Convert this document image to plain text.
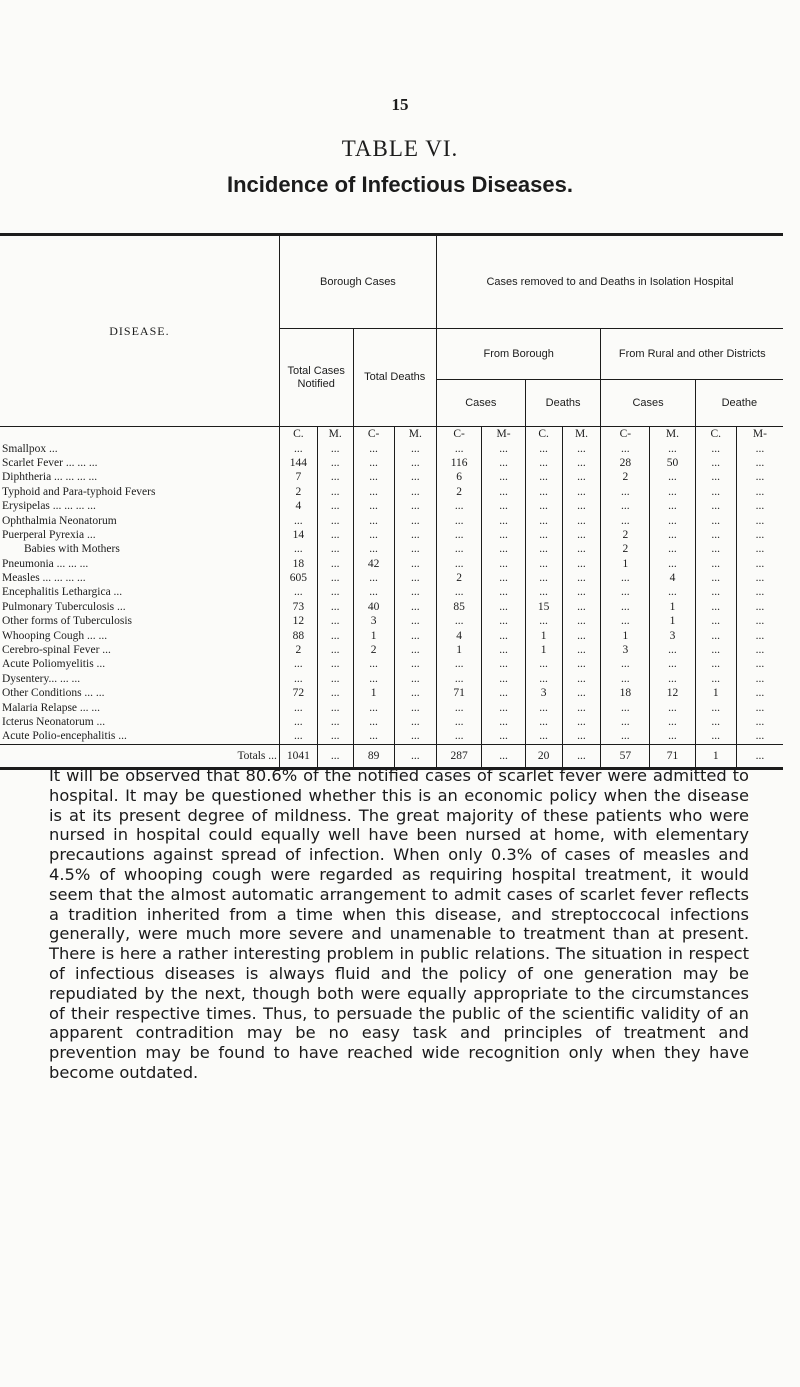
15
TABLE VI.
Incidence of Infectious Diseases.
DISEASE.	Borough Cases				Cases removed to and Deaths in Isolation Hospital							
	Total Cases Notified		Total Deaths		From Borough				From Rural and other Districts			
					Cases		Deaths		Cases		Deathe	
	C.	M.	C-	M.	C-	M-	C.	M.	C-	M.	C.	M-
Smallpox ...	...	...	...	...	...	...	...	...	...	...	...	...
Scarlet Fever ... ... ...	144	...	...	...	116	...	...	...	28	50	...	...
Diphtheria ... ... ... ...	7	...	...	...	6	...	...	...	2	...	...	...
Typhoid and Para-typhoid Fevers	2	...	...	...	2	...	...	...	...	...	...	...
Erysipelas ... ... ... ...	4	...	...	...	...	...	...	...	...	...	...	...
Ophthalmia Neonatorum	...	...	...	...	...	...	...	...	...	...	...	...
Puerperal Pyrexia ...	14	...	...	...	...	...	...	...	2	...	...	...
Babies with Mothers	...	...	...	...	...	...	...	...	2	...	...	...
Pneumonia ... ... ...	18	...	42	...	...	...	...	...	1	...	...	...
Measles ... ... ... ...	605	...	...	...	2	...	...	...	...	4	...	...
Encephalitis Lethargica ...	...	...	...	...	...	...	...	...	...	...	...	...
Pulmonary Tuberculosis ...	73	...	40	...	85	...	15	...	...	1	...	...
Other forms of Tuberculosis	12	...	3	...	...	...	...	...	...	1	...	...
Whooping Cough ... ...	88	...	1	...	4	...	1	...	1	3	...	...
Cerebro-spinal Fever ...	2	...	2	...	1	...	1	...	3	...	...	...
Acute Poliomyelitis ...	...	...	...	...	...	...	...	...	...	...	...	...
Dysentery... ... ...	...	...	...	...	...	...	...	...	...	...	...	...
Other Conditions ... ...	72	...	1	...	71	...	3	...	18	12	1	...
Malaria Relapse ... ...	...	...	...	...	...	...	...	...	...	...	...	...
Icterus Neonatorum ...	...	...	...	...	...	...	...	...	...	...	...	...
Acute Polio-encephalitis ...	...	...	...	...	...	...	...	...	...	...	...	...
Totals ...	1041	...	89	...	287	...	20	...	57	71	1	...
It will be observed that 80.6% of the notified cases of scarlet fever were admitted to hospital. It may be questioned whether this is an economic policy when the disease is at its present degree of mildness. The great majority of these patients who were nursed in hospital could equally well have been nursed at home, with elementary precautions against spread of infection. When only 0.3% of cases of measles and 4.5% of whooping cough were regarded as requiring hospital treatment, it would seem that the almost automatic arrangement to admit cases of scarlet fever reflects a tradition inherited from a time when this disease, and streptoccocal infections generally, were much more severe and unamenable to treatment than at present. There is here a rather interesting problem in public relations. The situation in respect of infectious diseases is always fluid and the policy of one generation may be repudiated by the next, though both were equally appropriate to the circumstances of their respective times. Thus, to persuade the public of the scientific validity of an apparent contradition may be no easy task and principles of treatment and prevention may be found to have reached wide recognition only when they have become outdated.
